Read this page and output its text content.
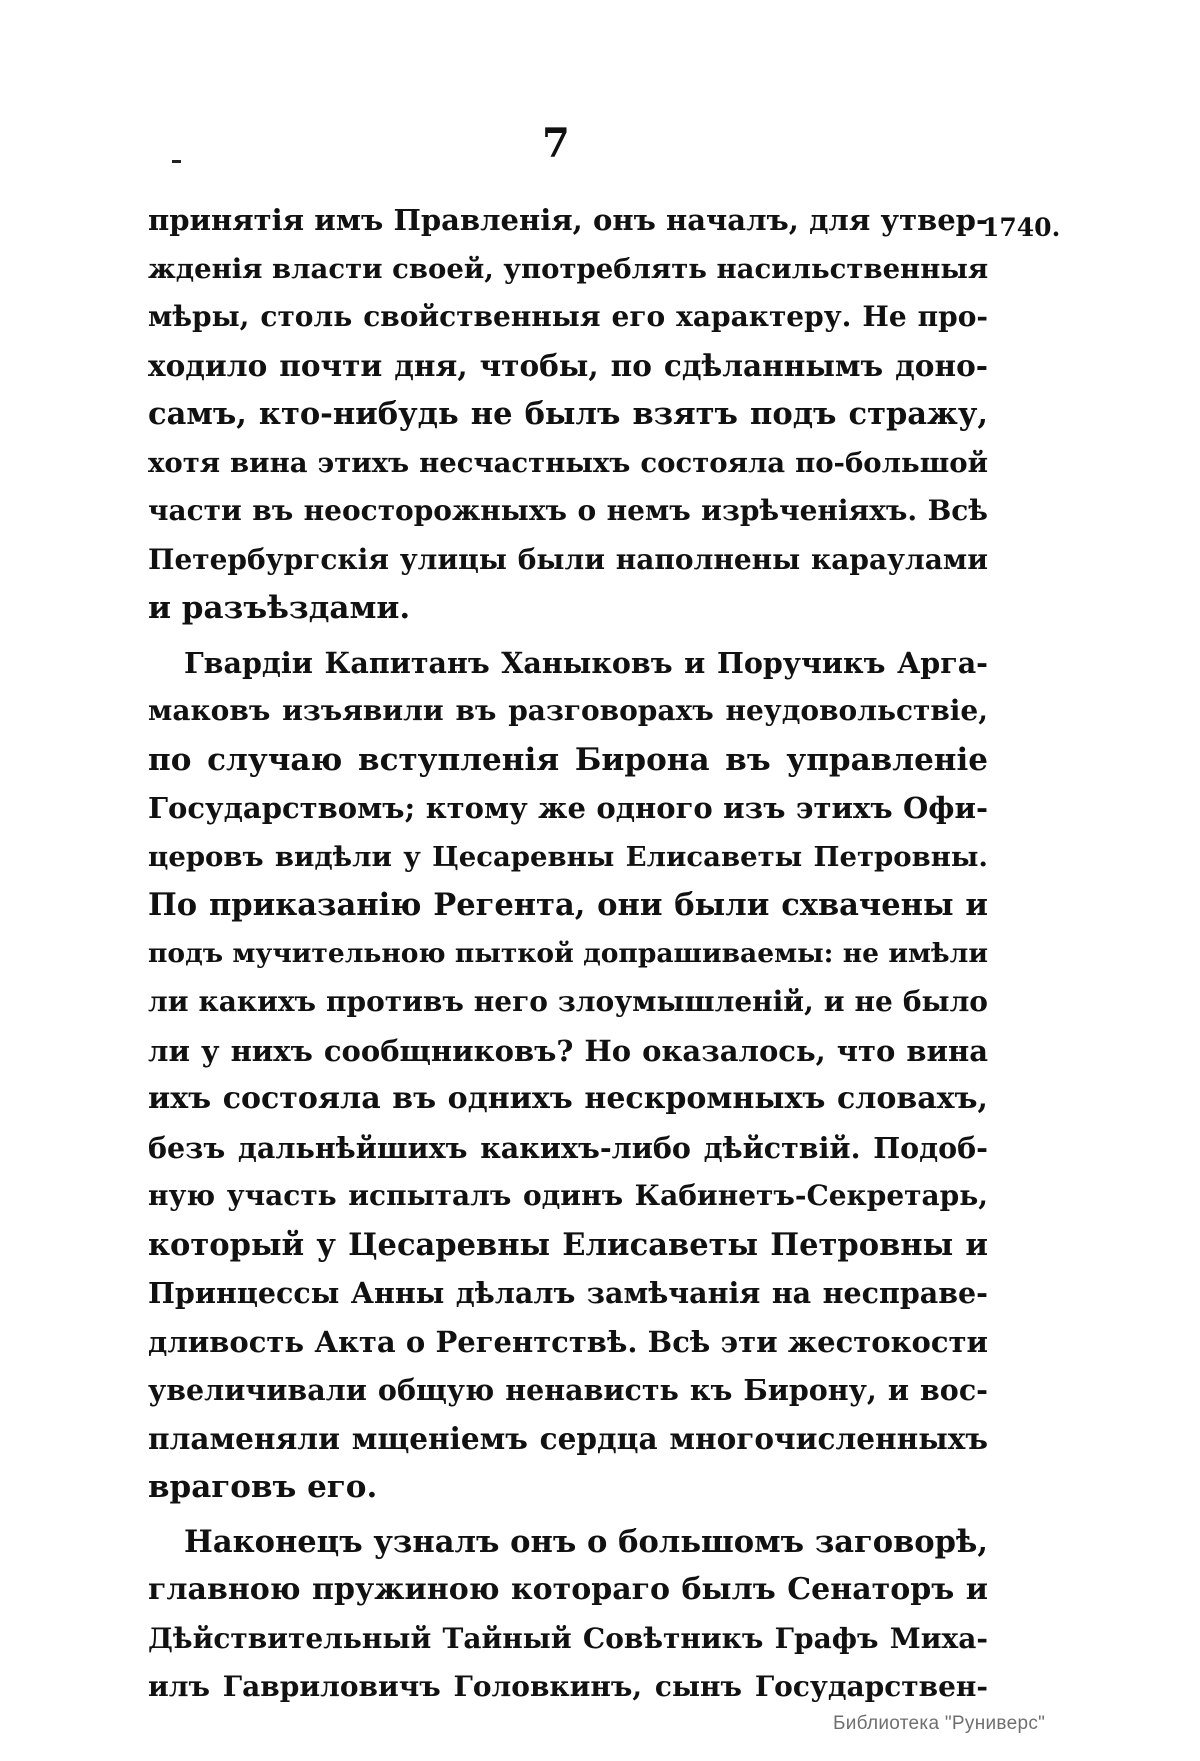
7
1740.
принятія имъ Правленія, онъ началъ, для утвер-
жденія власти своей, употреблять насильственныя
мѣры, столь свойственныя его характеру. Не про-
ходило почти дня, чтобы, по сдѣланнымъ доно-
самъ, кто-нибудь не былъ взятъ подъ стражу,
хотя вина этихъ несчастныхъ состояла по-большой
части въ неосторожныхъ о немъ изрѣченіяхъ. Всѣ
Петербургскія улицы были наполнены караулами
и разъѣздами.
Гвардіи Капитанъ Ханыковъ и Поручикъ Арга-
маковъ изъявили въ разговорахъ неудовольствіе,
по случаю вступленія Бирона въ управленіе
Государствомъ; ктому же одного изъ этихъ Офи-
церовъ видѣли у Цесаревны Елисаветы Петровны.
По приказанію Регента, они были схвачены и
подъ мучительною пыткой допрашиваемы: не имѣли
ли какихъ противъ него злоумышленій, и не было
ли у нихъ сообщниковъ? Но оказалось, что вина
ихъ состояла въ однихъ нескромныхъ словахъ,
безъ дальнѣйшихъ какихъ-либо дѣйствій. Подоб-
ную участь испыталъ одинъ Кабинетъ-Секретарь,
который у Цесаревны Елисаветы Петровны и
Принцессы Анны дѣлалъ замѣчанія на несправе-
дливость Акта о Регентствѣ. Всѣ эти жестокости
увеличивали общую ненависть къ Бирону, и вос-
пламеняли мщеніемъ сердца многочисленныхъ
враговъ его.
Наконецъ узналъ онъ о большомъ заговорѣ,
главною пружиною котораго былъ Сенаторъ и
Дѣйствительный Тайный Совѣтникъ Графъ Миха-
илъ Гавриловичъ Головкинъ, сынъ Государствен-
Библиотека "Руниверс"
